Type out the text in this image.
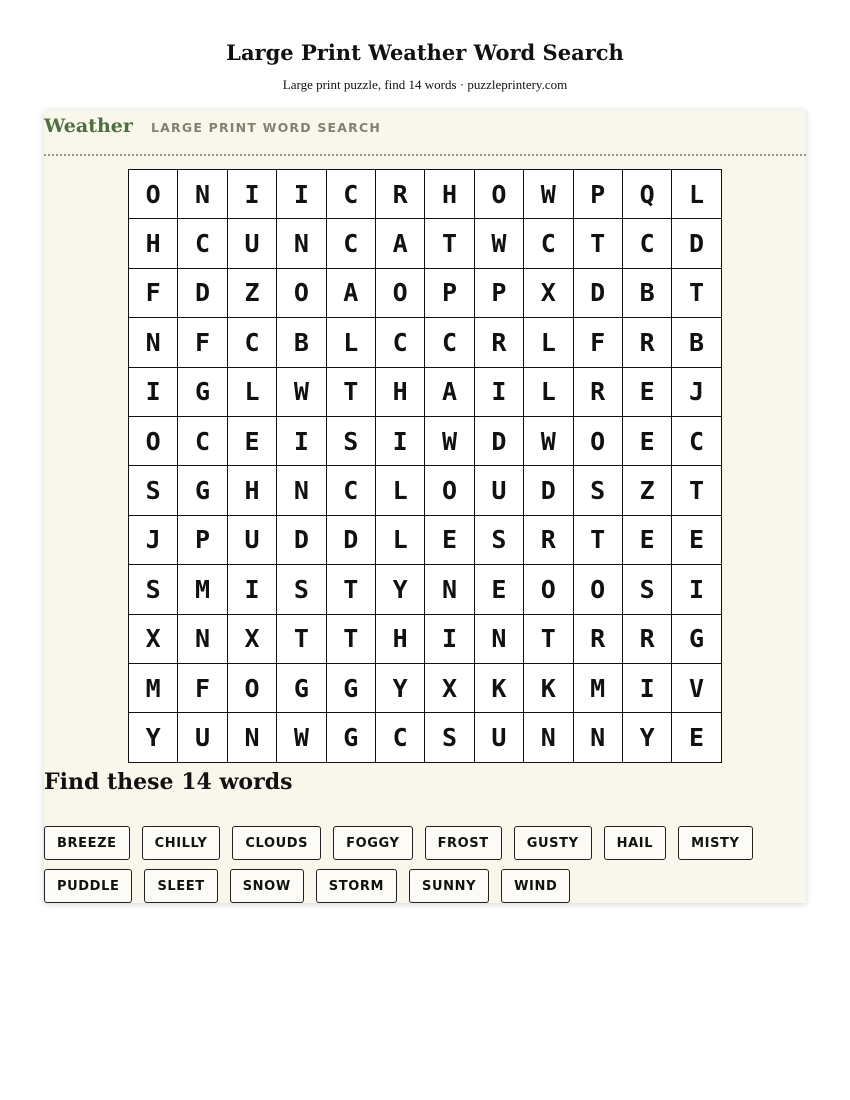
Large Print Weather Word Search
Large print puzzle, find 14 words · puzzleprintery.com
Weather LARGE PRINT WORD SEARCH
O	N	I	I	C	R	H	O	W	P	Q	L
H	C	U	N	C	A	T	W	C	T	C	D
F	D	Z	O	A	O	P	P	X	D	B	T
N	F	C	B	L	C	C	R	L	F	R	B
I	G	L	W	T	H	A	I	L	R	E	J
O	C	E	I	S	I	W	D	W	O	E	C
S	G	H	N	C	L	O	U	D	S	Z	T
J	P	U	D	D	L	E	S	R	T	E	E
S	M	I	S	T	Y	N	E	O	O	S	I
X	N	X	T	T	H	I	N	T	R	R	G
M	F	O	G	G	Y	X	K	K	M	I	V
Y	U	N	W	G	C	S	U	N	N	Y	E
Find these 14 words
BREEZE	CHILLY	CLOUDS	FOGGY	FROST	GUSTY	HAIL	MISTY
PUDDLE	SLEET	SNOW	STORM	SUNNY	WIND
